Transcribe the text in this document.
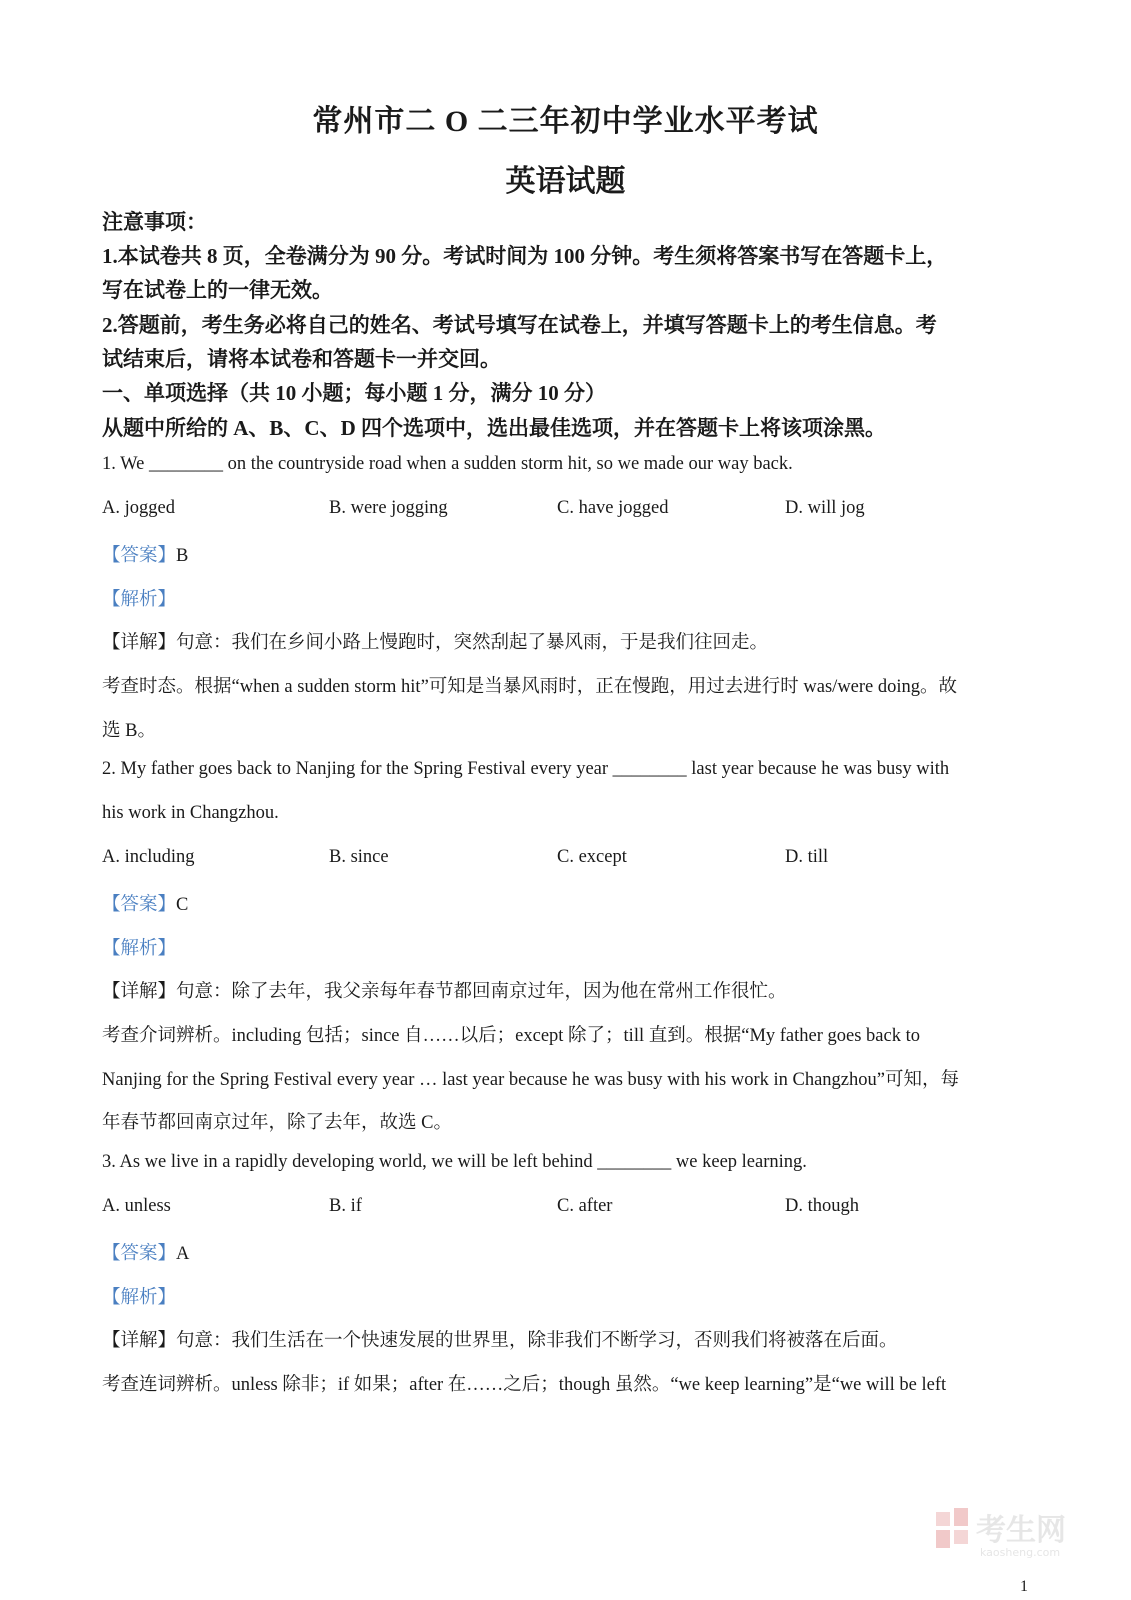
常州市二 O 二三年初中学业水平考试
英语试题
注意事项：
1.本试卷共 8 页，全卷满分为 90 分。考试时间为 100 分钟。考生须将答案书写在答题卡上，
写在试卷上的一律无效。
2.答题前，考生务必将自己的姓名、考试号填写在试卷上，并填写答题卡上的考生信息。考
试结束后，请将本试卷和答题卡一并交回。
一、单项选择（共 10 小题；每小题 1 分，满分 10 分）
从题中所给的 A、B、C、D 四个选项中，选出最佳选项，并在答题卡上将该项涂黑。
1. We ________ on the countryside road when a sudden storm hit, so we made our way back.
A. jogged	B. were jogging	C. have jogged	D. will jog
【答案】B
【解析】
【详解】句意：我们在乡间小路上慢跑时，突然刮起了暴风雨，于是我们往回走。
考查时态。根据“when a sudden storm hit”可知是当暴风雨时，正在慢跑，用过去进行时 was/were doing。故
选 B。
2. My father goes back to Nanjing for the Spring Festival every year ________ last year because he was busy with
his work in Changzhou.
A. including	B. since	C. except	D. till
【答案】C
【解析】
【详解】句意：除了去年，我父亲每年春节都回南京过年，因为他在常州工作很忙。
考查介词辨析。including 包括；since 自……以后；except 除了；till 直到。根据“My father goes back to
Nanjing for the Spring Festival every year … last year because he was busy with his work in Changzhou”可知，每
年春节都回南京过年，除了去年，故选 C。
3. As we live in a rapidly developing world, we will be left behind ________ we keep learning.
A. unless	B. if	C. after	D. though
【答案】A
【解析】
【详解】句意：我们生活在一个快速发展的世界里，除非我们不断学习，否则我们将被落在后面。
考查连词辨析。unless 除非；if 如果；after 在……之后；though 虽然。“we keep learning”是“we will be left
考生网
kaosheng.com
1
